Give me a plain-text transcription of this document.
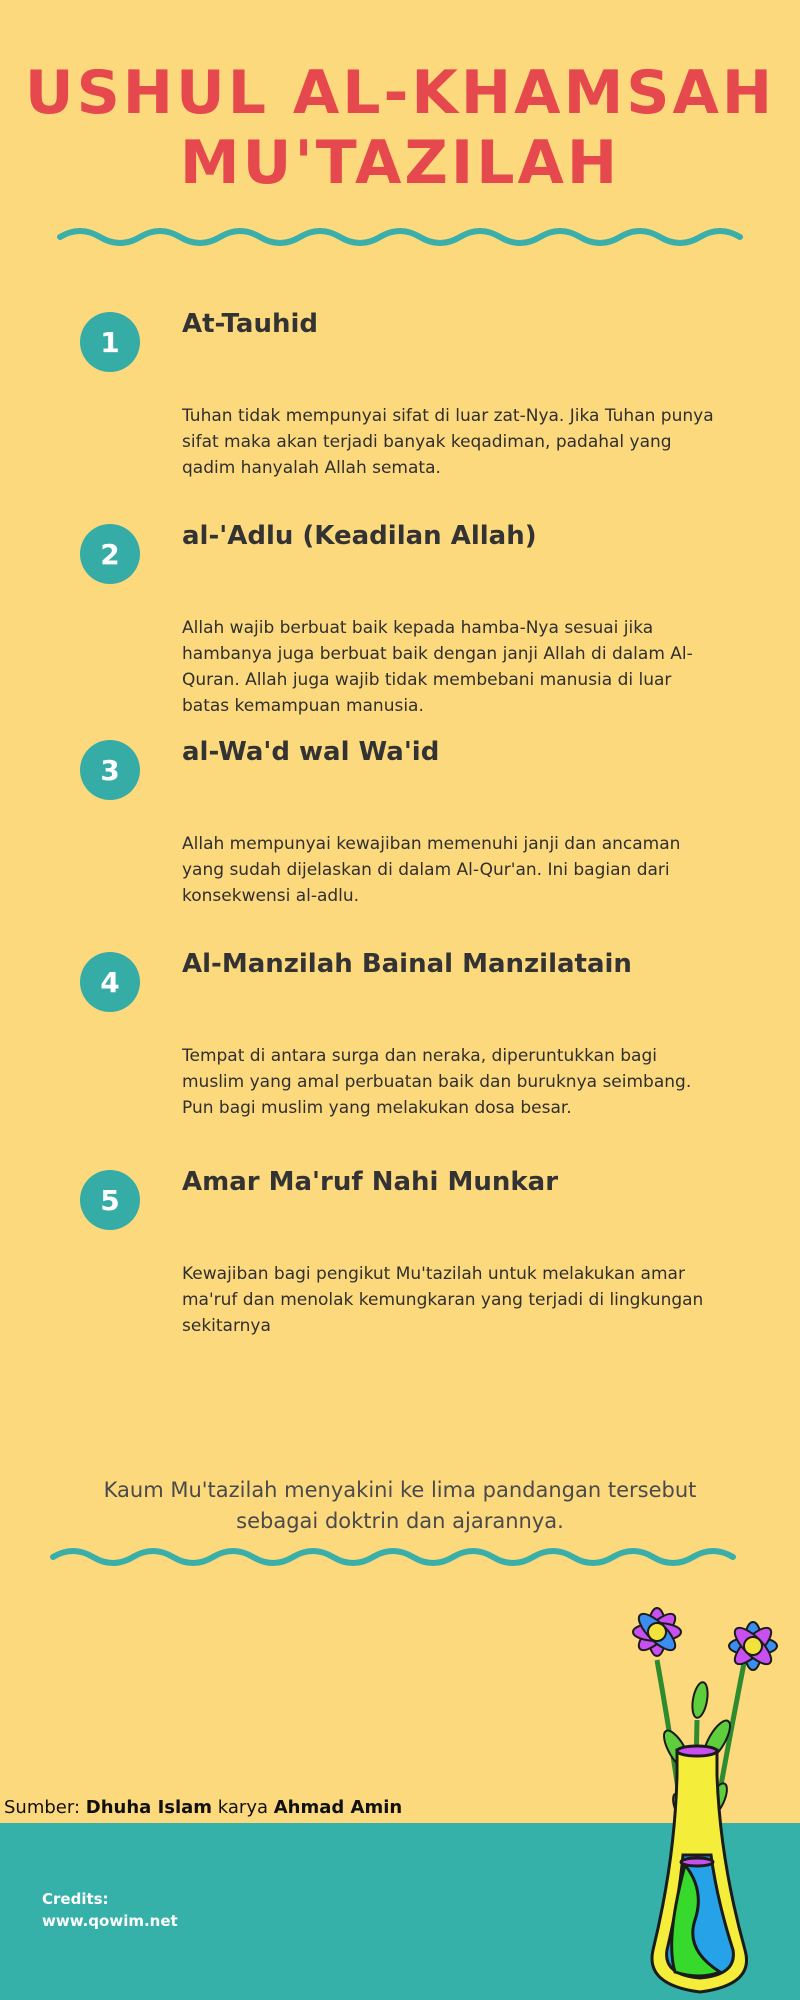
USHUL AL-KHAMSAH
MU'TAZILAH
1
At-Tauhid
Tuhan tidak mempunyai sifat di luar zat-Nya. Jika Tuhan punya sifat maka akan terjadi banyak keqadiman, padahal yang qadim hanyalah Allah semata.
2
al-'Adlu (Keadilan Allah)
Allah wajib berbuat baik kepada hamba-Nya sesuai jika hambanya juga berbuat baik dengan janji Allah di dalam Al-Quran. Allah juga wajib tidak membebani manusia di luar batas kemampuan manusia.
3
al-Wa'd wal Wa'id
Allah mempunyai kewajiban memenuhi janji dan ancaman yang sudah dijelaskan di dalam Al-Qur'an. Ini bagian dari konsekwensi al-adlu.
4
Al-Manzilah Bainal Manzilatain
Tempat di antara surga dan neraka, diperuntukkan bagi muslim yang amal perbuatan baik dan buruknya seimbang. Pun bagi muslim yang melakukan dosa besar.
5
Amar Ma'ruf Nahi Munkar
Kewajiban bagi pengikut Mu'tazilah untuk melakukan amar ma'ruf dan menolak kemungkaran yang terjadi di lingkungan sekitarnya
Kaum Mu'tazilah menyakini ke lima pandangan tersebut sebagai doktrin dan ajarannya.
Sumber: Dhuha Islam karya Ahmad Amin
Credits:
www.qowim.net
